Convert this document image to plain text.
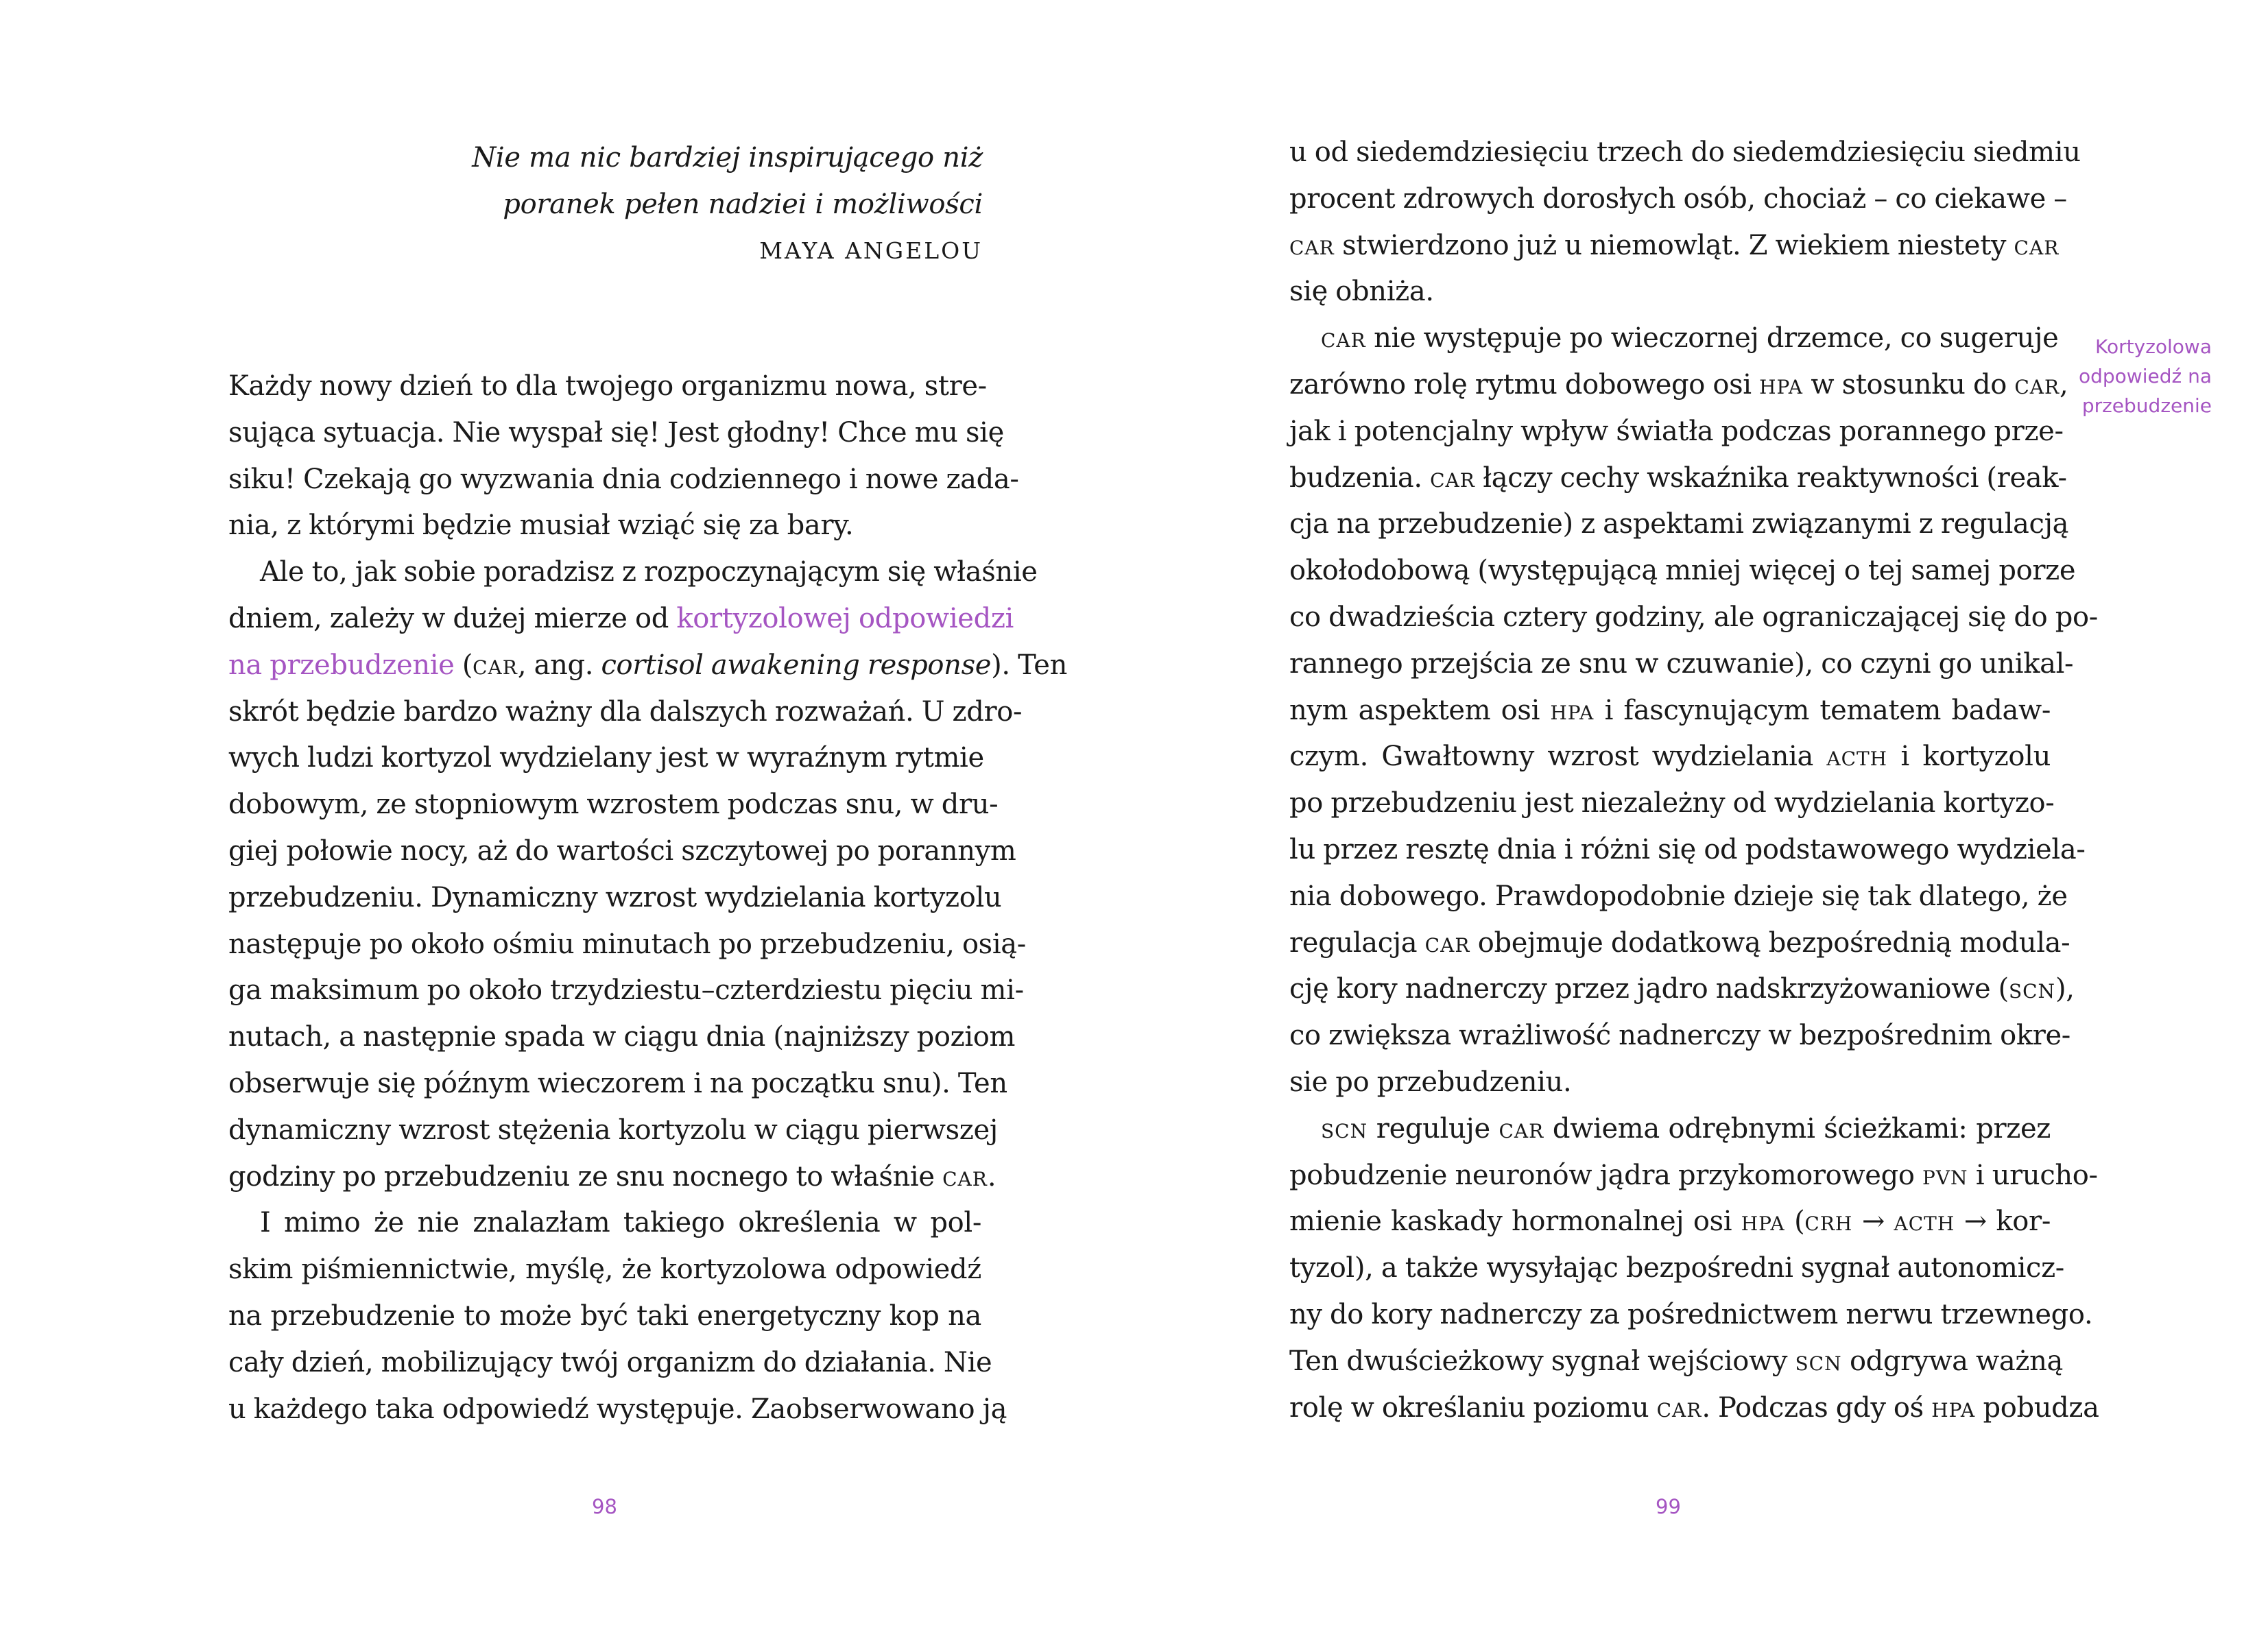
Nie ma nic bardziej inspirującego niż
poranek pełen nadziei i możliwości
MAYA ANGELOU
Każdy nowy dzień to dla twojego organizmu nowa, stre-
sująca sytuacja. Nie wyspał się! Jest głodny! Chce mu się
siku! Czekają go wyzwania dnia codziennego i nowe zada-
nia, z którymi będzie musiał wziąć się za bary.
Ale to, jak sobie poradzisz z rozpoczynającym się właśnie
dniem, zależy w dużej mierze od kortyzolowej odpowiedzi
na przebudzenie (car, ang. cortisol awakening response). Ten
skrót będzie bardzo ważny dla dalszych rozważań. U zdro-
wych ludzi kortyzol wydzielany jest w wyraźnym rytmie
dobowym, ze stopniowym wzrostem podczas snu, w dru-
giej połowie nocy, aż do wartości szczytowej po porannym
przebudzeniu. Dynamiczny wzrost wydzielania kortyzolu
następuje po około ośmiu minutach po przebudzeniu, osią-
ga maksimum po około trzydziestu–czterdziestu pięciu mi-
nutach, a następnie spada w ciągu dnia (najniższy poziom
obserwuje się późnym wieczorem i na początku snu). Ten
dynamiczny wzrost stężenia kortyzolu w ciągu pierwszej
godziny po przebudzeniu ze snu nocnego to właśnie car.
I mimo że nie znalazłam takiego określenia w pol-
skim piśmiennictwie, myślę, że kortyzolowa odpowiedź
na przebudzenie to może być taki energetyczny kop na
cały dzień, mobilizujący twój organizm do działania. Nie
u każdego taka odpowiedź występuje. Zaobserwowano ją
98
u od siedemdziesięciu trzech do siedemdziesięciu siedmiu
procent zdrowych dorosłych osób, chociaż – co ciekawe –
car stwierdzono już u niemowląt. Z wiekiem niestety car
się obniża.
car nie występuje po wieczornej drzemce, co sugeruje
zarówno rolę rytmu dobowego osi hpa w stosunku do car,
jak i potencjalny wpływ światła podczas porannego prze-
budzenia. car łączy cechy wskaźnika reaktywności (reak-
cja na przebudzenie) z aspektami związanymi z regulacją
okołodobową (występującą mniej więcej o tej samej porze
co dwadzieścia cztery godziny, ale ograniczającej się do po-
rannego przejścia ze snu w czuwanie), co czyni go unikal-
nym aspektem osi hpa i fascynującym tematem badaw-
czym. Gwałtowny wzrost wydzielania acth i kortyzolu
po przebudzeniu jest niezależny od wydzielania kortyzo-
lu przez resztę dnia i różni się od podstawowego wydziela-
nia dobowego. Prawdopodobnie dzieje się tak dlatego, że
regulacja car obejmuje dodatkową bezpośrednią modula-
cję kory nadnerczy przez jądro nadskrzyżowaniowe (scn),
co zwiększa wrażliwość nadnerczy w bezpośrednim okre-
sie po przebudzeniu.
scn reguluje car dwiema odrębnymi ścieżkami: przez
pobudzenie neuronów jądra przykomorowego pvn i urucho-
mienie kaskady hormonalnej osi hpa (crh → acth → kor-
tyzol), a także wysyłając bezpośredni sygnał autonomicz-
ny do kory nadnerczy za pośrednictwem nerwu trzewnego.
Ten dwuścieżkowy sygnał wejściowy scn odgrywa ważną
rolę w określaniu poziomu car. Podczas gdy oś hpa pobudza
Kortyzolowa
odpowiedź na
przebudzenie
99
